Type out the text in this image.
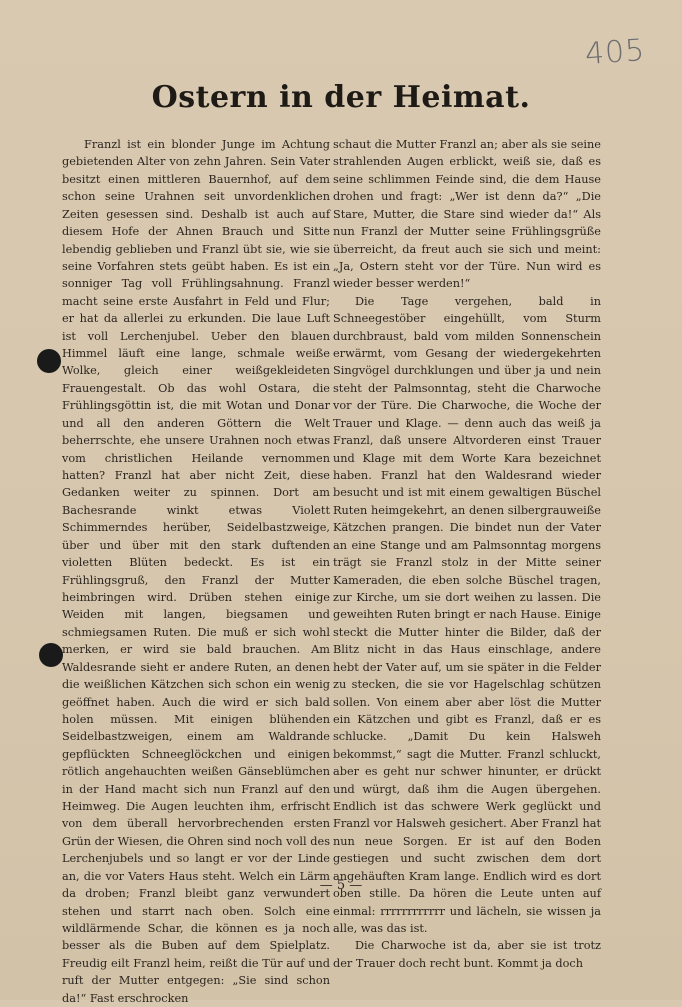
405
Ostern in der Heimat.

Franzl ist ein blonder Junge im Achtung gebietenden Alter von zehn Jahren. Sein Vater besitzt einen mittleren Bauernhof, auf dem schon seine Urahnen seit unvordenklichen Zeiten gesessen sind. Deshalb ist auch auf diesem Hofe der Ahnen Brauch und Sitte lebendig geblieben und Franzl übt sie, wie sie seine Vorfahren stets geübt haben. Es ist ein sonniger Tag voll Frühlingsahnung. Franzl macht seine erste Ausfahrt in Feld und Flur; er hat da allerlei zu erkunden. Die laue Luft ist voll Lerchenjubel. Ueber den blauen Himmel läuft eine lange, schmale weiße Wolke, gleich einer weißgekleideten Frauengestalt. Ob das wohl Ostara, die Frühlingsgöttin ist, die mit Wotan und Donar und all den anderen Göttern die Welt beherrschte, ehe unsere Urahnen noch etwas vom christlichen Heilande vernommen hatten? Franzl hat aber nicht Zeit, diese Gedanken weiter zu spinnen. Dort am Bachesrande winkt etwas Violett Schimmerndes herüber, Seidelbastzweige, über und über mit den stark duftenden violetten Blüten bedeckt. Es ist ein Frühlingsgruß, den Franzl der Mutter heimbringen wird. Drüben stehen einige Weiden mit langen, biegsamen und schmiegsamen Ruten. Die muß er sich wohl merken, er wird sie bald brauchen. Am Waldesrande sieht er andere Ruten, an denen die weißlichen Kätzchen sich schon ein wenig geöffnet haben. Auch die wird er sich bald holen müssen. Mit einigen blühenden Seidelbastzweigen, einem am Waldrande gepflückten Schneeglöckchen und einigen rötlich angehauchten weißen Gänseblümchen in der Hand macht sich nun Franzl auf den Heimweg. Die Augen leuchten ihm, erfrischt von dem überall hervorbrechenden ersten Grün der Wiesen, die Ohren sind noch voll des Lerchenjubels und so langt er vor der Linde an, die vor Vaters Haus steht. Welch ein Lärm da droben; Franzl bleibt ganz verwundert stehen und starrt nach oben. Solch eine wildlärmende Schar, die können es ja noch besser als die Buben auf dem Spielplatz. Freudig eilt Franzl heim, reißt die Tür auf und ruft der Mutter entgegen: „Sie sind schon da!“ Fast erschrocken

schaut die Mutter Franzl an; aber als sie seine strahlenden Augen erblickt, weiß sie, daß es seine schlimmen Feinde sind, die dem Hause drohen und fragt: „Wer ist denn da?“ „Die Stare, Mutter, die Stare sind wieder da!“ Als nun Franzl der Mutter seine Frühlingsgrüße überreicht, da freut auch sie sich und meint: „Ja, Ostern steht vor der Türe. Nun wird es wieder besser werden!“

Die Tage vergehen, bald in Schneegestöber eingehüllt, vom Sturm durchbraust, bald vom milden Sonnenschein erwärmt, vom Gesang der wiedergekehrten Singvögel durchklungen und über ja und nein steht der Palmsonntag, steht die Charwoche vor der Türe. Die Charwoche, die Woche der Trauer und Klage. — denn auch das weiß ja Franzl, daß unsere Altvorderen einst Trauer und Klage mit dem Worte Kara bezeichnet haben. Franzl hat den Waldesrand wieder besucht und ist mit einem gewaltigen Büschel Ruten heimgekehrt, an denen silbergrauweiße Kätzchen prangen. Die bindet nun der Vater an eine Stange und am Palmsonntag morgens trägt sie Franzl stolz in der Mitte seiner Kameraden, die eben solche Büschel tragen, zur Kirche, um sie dort weihen zu lassen. Die geweihten Ruten bringt er nach Hause. Einige steckt die Mutter hinter die Bilder, daß der Blitz nicht in das Haus einschlage, andere hebt der Vater auf, um sie später in die Felder zu stecken, die sie vor Hagelschlag schützen sollen. Von einem aber aber löst die Mutter ein Kätzchen und gibt es Franzl, daß er es schlucke. „Damit Du kein Halsweh bekommst,“ sagt die Mutter. Franzl schluckt, aber es geht nur schwer hinunter, er drückt und würgt, daß ihm die Augen übergehen. Endlich ist das schwere Werk geglückt und Franzl vor Halsweh gesichert. Aber Franzl hat nun neue Sorgen. Er ist auf den Boden gestiegen und sucht zwischen dem dort angehäuften Kram lange. Endlich wird es dort oben stille. Da hören die Leute unten auf einmal: rrrrrrrrrrrr und lächeln, sie wissen ja alle, was das ist.

Die Charwoche ist da, aber sie ist trotz der Trauer doch recht bunt. Kommt ja doch

— 5 —
